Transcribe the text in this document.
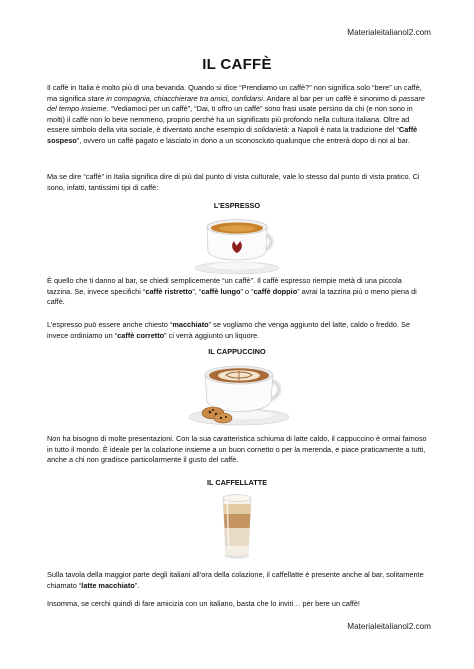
Materialeitalianol2.com
IL CAFFÈ

Il caffè in Italia è molto più di una bevanda. Quando si dice “Prendiamo un caffè?” non significa solo “bere” un caffè, ma significa stare in compagnia, chiacchierare tra amici, confidarsi. Andare al bar per un caffè è sinonimo di passare del tempo insieme. “Vediamoci per un caffè”, “Dai, ti offro un caffè” sono frasi usate persino da chi (e non sono in molti) il caffè non lo beve nemmeno, proprio perchè ha un significato più profondo nella cultura italiana. Oltre ad essere simbolo della vita sociale, è diventato anche esempio di solidarietà: a Napoli è nata la tradizione del “Caffè sospeso”, ovvero un caffè pagato e lasciato in dono a un sconosciuto qualunque che entrerà dopo di noi al bar.

Ma se dire “caffè” in Italia significa dire di più dal punto di vista culturale, vale lo stesso dal punto di vista pratico. Ci sono, infatti, tantissimi tipi di caffè:

L’ESPRESSO

È quello che ti danno al bar, se chiedi semplicemente “un caffè”. Il caffè espresso riempie metà di una piccola tazzina. Se, invece specifichi “caffè ristretto”, “caffè lungo” o “caffè doppio” avrai la tazzina più o meno piena di caffè.

L’espresso può essere anche chiesto “macchiato” se vogliamo che venga aggiunto del latte, caldo o freddo. Se invece ordiniamo un “caffè corretto” ci verrà aggiunto un liquore.

IL CAPPUCCINO

Non ha bisogno di molte presentazioni. Con la sua caratteristica schiuma di latte caldo, il cappuccino è ormai famoso in tutto il mondo. È ideale per la colazione insieme a un buon cornetto o per la merenda, e piace praticamente a tutti, anche a chi non gradisce particolarmente il gusto del caffè.

IL CAFFELLATTE

Sulla tavola della maggior parte degli italiani all’ora della colazione, il caffellatte è presente anche al bar, solitamente chiamato “latte macchiato”.

Insomma, se cerchi quindi di fare amicizia con un italiano, basta che lo inviti… per bere un caffè!

Materialeitalianol2.com
